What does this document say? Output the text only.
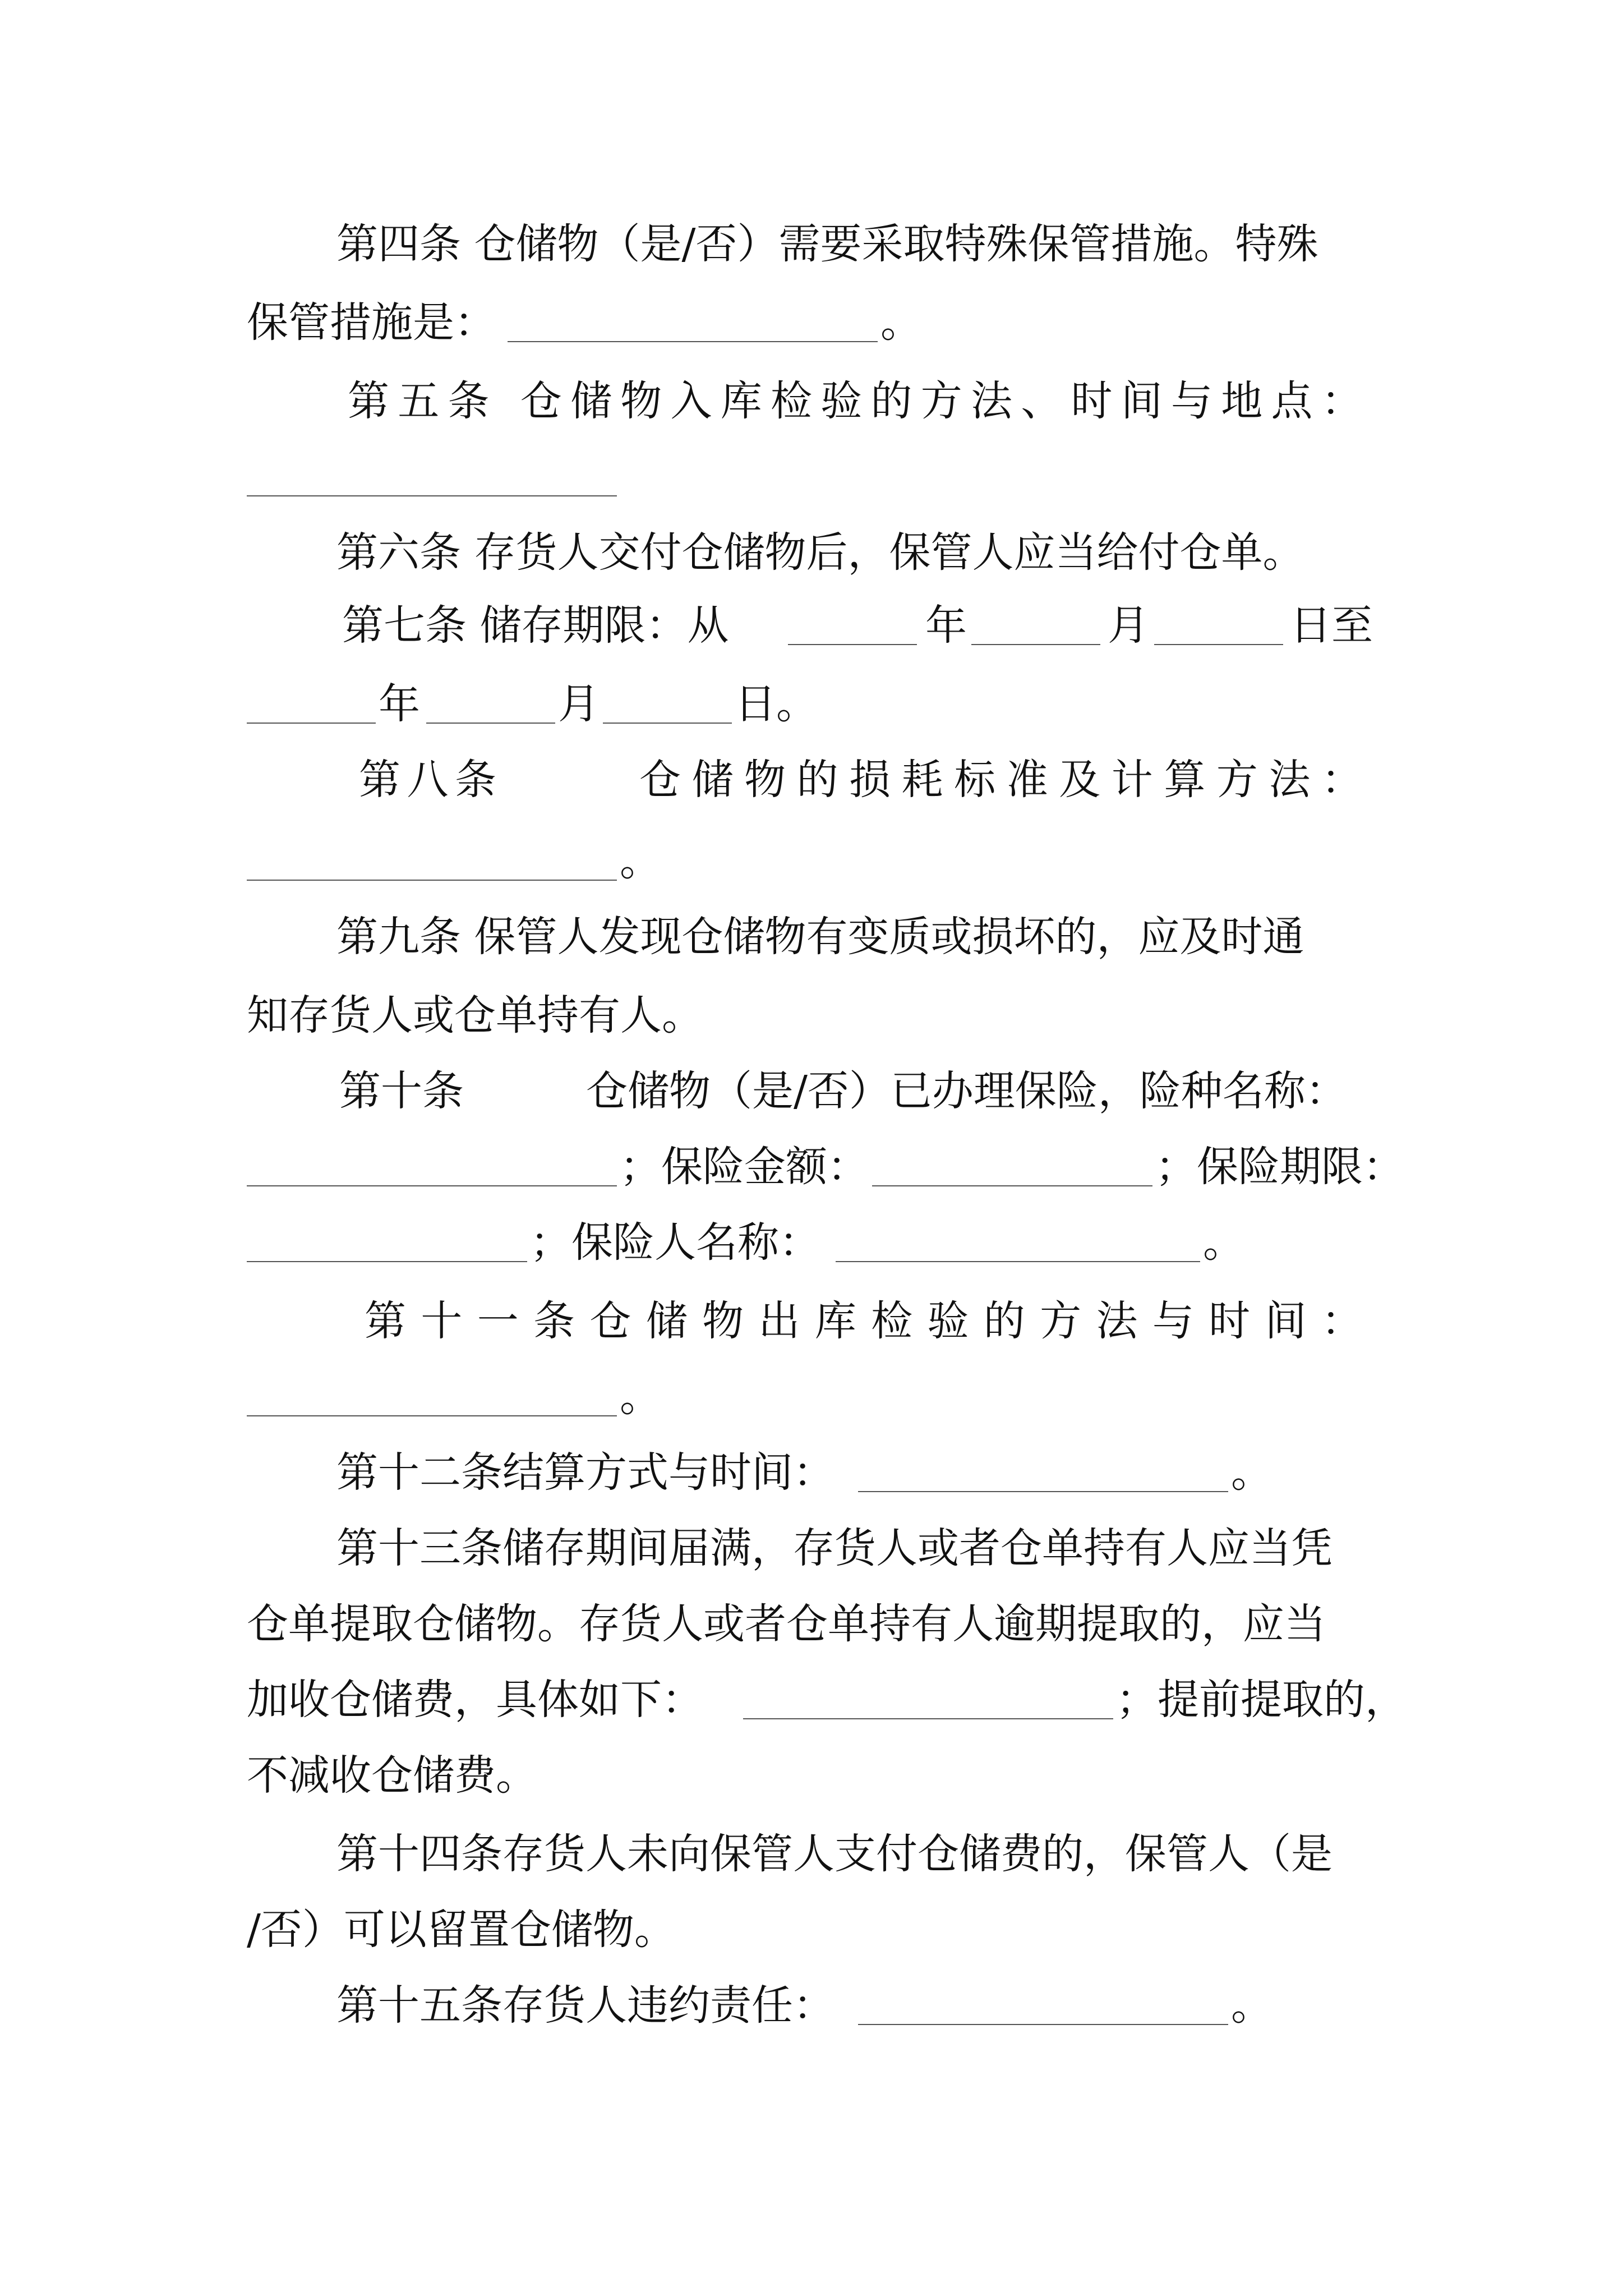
第四条 仓储物（是/否）需要采取特殊保管措施。特殊
保管措施是：	。
第 五 条 仓 储 物 入 库 检 验 的 方 法 、 时 间 与 地 点 ：
第六条 存货人交付仓储物后，保管人应当给付仓单。
第七条 储存期限：从	年	月	日至
年	月	日。
第 八 条	仓 储 物 的 损 耗 标 准 及 计 算 方 法 ：
。
第九条 保管人发现仓储物有变质或损坏的，应及时通
知存货人或仓单持有人。
第十条	仓储物（是/否）已办理保险，险种名称：
；保险金额：	；保险期限：
；保险人名称：	。
第 十 一 条 仓 储 物 出 库 检 验 的 方 法 与 时 间 ：
。
第十二条结算方式与时间：	。
第十三条储存期间届满，存货人或者仓单持有人应当凭
仓单提取仓储物。存货人或者仓单持有人逾期提取的，应当
加收仓储费，具体如下：	；提前提取的，
不减收仓储费。
第十四条存货人未向保管人支付仓储费的，保管人（是
/否）可以留置仓储物。
第十五条存货人违约责任：	。
